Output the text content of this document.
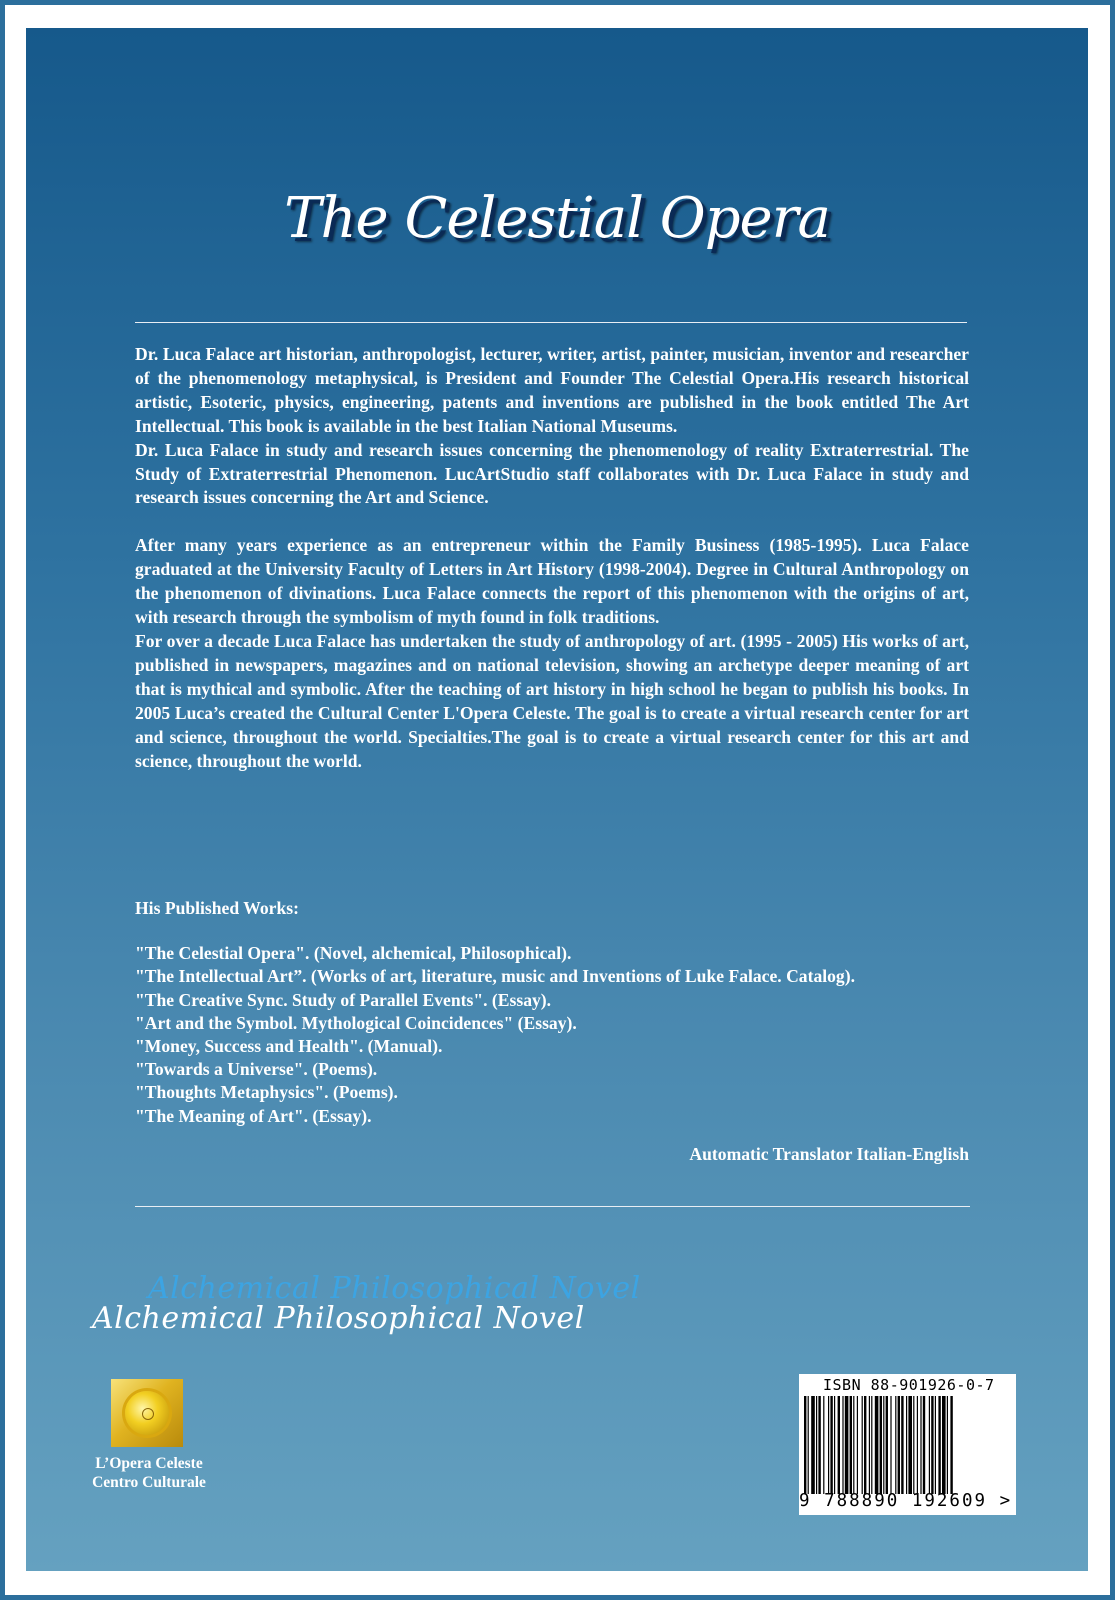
The Celestial Opera

Dr. Luca Falace art historian, anthropologist, lecturer, writer, artist, painter, musician, inventor and researcher of the phenomenology metaphysical, is President and Founder The Celestial Opera.His research historical artistic, Esoteric, physics, engineering, patents and inventions are published in the book entitled The Art Intellectual. This book is available in the best Italian National Museums.

Dr. Luca Falace in study and research issues concerning the phenomenology of reality Extraterrestrial. The Study of Extraterrestrial Phenomenon. LucArtStudio staff collaborates with Dr. Luca Falace in study and research issues concerning the Art and Science.

After many years experience as an entrepreneur within the Family Business (1985-1995). Luca Falace graduated at the University Faculty of Letters in Art History (1998-2004). Degree in Cultural Anthropology on the phenomenon of divinations. Luca Falace connects the report of this phenomenon with the origins of art, with research through the symbolism of myth found in folk traditions.

For over a decade Luca Falace has undertaken the study of anthropology of art. (1995 - 2005) His works of art, published in newspapers, magazines and on national television, showing an archetype deeper meaning of art that is mythical and symbolic. After the teaching of art history in high school he began to publish his books. In 2005 Luca’s created the Cultural Center L'Opera Celeste. The goal is to create a virtual research center for art and science, throughout the world. Specialties.The goal is to create a virtual research center for this art and science, throughout the world.

His Published Works:
"The Celestial Opera". (Novel, alchemical, Philosophical).
"The Intellectual Art”. (Works of art, literature, music and Inventions of Luke Falace. Catalog).
"The Creative Sync. Study of Parallel Events". (Essay).
"Art and the Symbol. Mythological Coincidences" (Essay).
"Money, Success and Health". (Manual).
"Towards a Universe". (Poems).
"Thoughts Metaphysics". (Poems).
"The Meaning of Art". (Essay).
Automatic Translator Italian-English
Alchemical Philosophical Novel
Alchemical Philosophical Novel
L’Opera Celeste
Centro Culturale
ISBN 88-901926-0-7
9 788890 192609 >
